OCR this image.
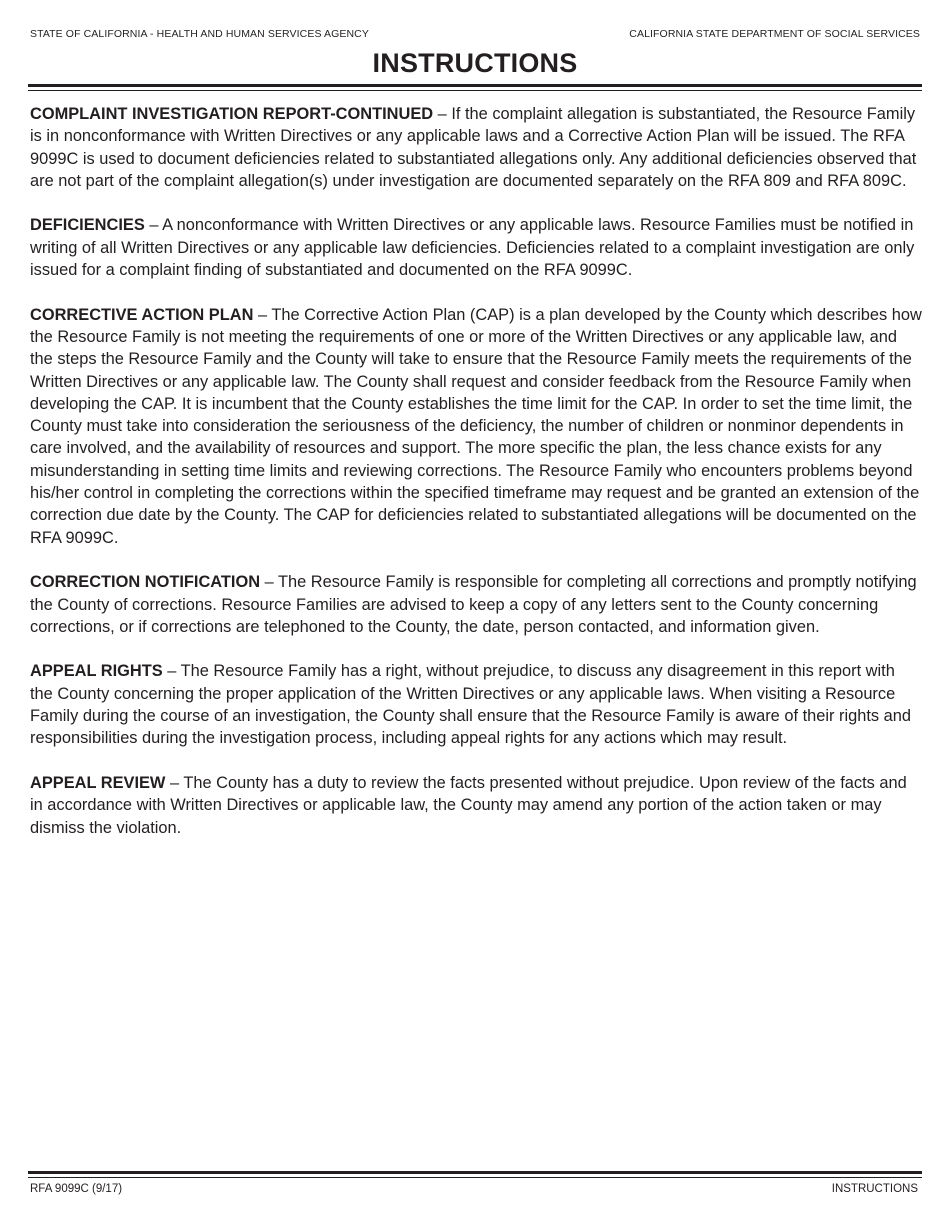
STATE OF CALIFORNIA - HEALTH AND HUMAN SERVICES AGENCY	CALIFORNIA STATE DEPARTMENT OF SOCIAL SERVICES
INSTRUCTIONS

COMPLAINT INVESTIGATION REPORT-CONTINUED – If the complaint allegation is substantiated, the Resource Family is in nonconformance with Written Directives or any applicable laws and a Corrective Action Plan will be issued. The RFA 9099C is used to document deficiencies related to substantiated allegations only. Any additional deficiencies observed that are not part of the complaint allegation(s) under investigation are documented separately on the RFA 809 and RFA 809C.

DEFICIENCIES – A nonconformance with Written Directives or any applicable laws. Resource Families must be notified in writing of all Written Directives or any applicable law deficiencies. Deficiencies related to a complaint investigation are only issued for a complaint finding of substantiated and documented on the RFA 9099C.

CORRECTIVE ACTION PLAN – The Corrective Action Plan (CAP) is a plan developed by the County which describes how the Resource Family is not meeting the requirements of one or more of the Written Directives or any applicable law, and the steps the Resource Family and the County will take to ensure that the Resource Family meets the requirements of the Written Directives or any applicable law. The County shall request and consider feedback from the Resource Family when developing the CAP. It is incumbent that the County establishes the time limit for the CAP. In order to set the time limit, the County must take into consideration the seriousness of the deficiency, the number of children or nonminor dependents in care involved, and the availability of resources and support. The more specific the plan, the less chance exists for any misunderstanding in setting time limits and reviewing corrections. The Resource Family who encounters problems beyond his/her control in completing the corrections within the specified timeframe may request and be granted an extension of the correction due date by the County. The CAP for deficiencies related to substantiated allegations will be documented on the RFA 9099C.

CORRECTION NOTIFICATION – The Resource Family is responsible for completing all corrections and promptly notifying the County of corrections. Resource Families are advised to keep a copy of any letters sent to the County concerning corrections, or if corrections are telephoned to the County, the date, person contacted, and information given.

APPEAL RIGHTS – The Resource Family has a right, without prejudice, to discuss any disagreement in this report with the County concerning the proper application of the Written Directives or any applicable laws. When visiting a Resource Family during the course of an investigation, the County shall ensure that the Resource Family is aware of their rights and responsibilities during the investigation process, including appeal rights for any actions which may result.

APPEAL REVIEW – The County has a duty to review the facts presented without prejudice. Upon review of the facts and in accordance with Written Directives or applicable law, the County may amend any portion of the action taken or may dismiss the violation.

RFA 9099C (9/17)	INSTRUCTIONS
